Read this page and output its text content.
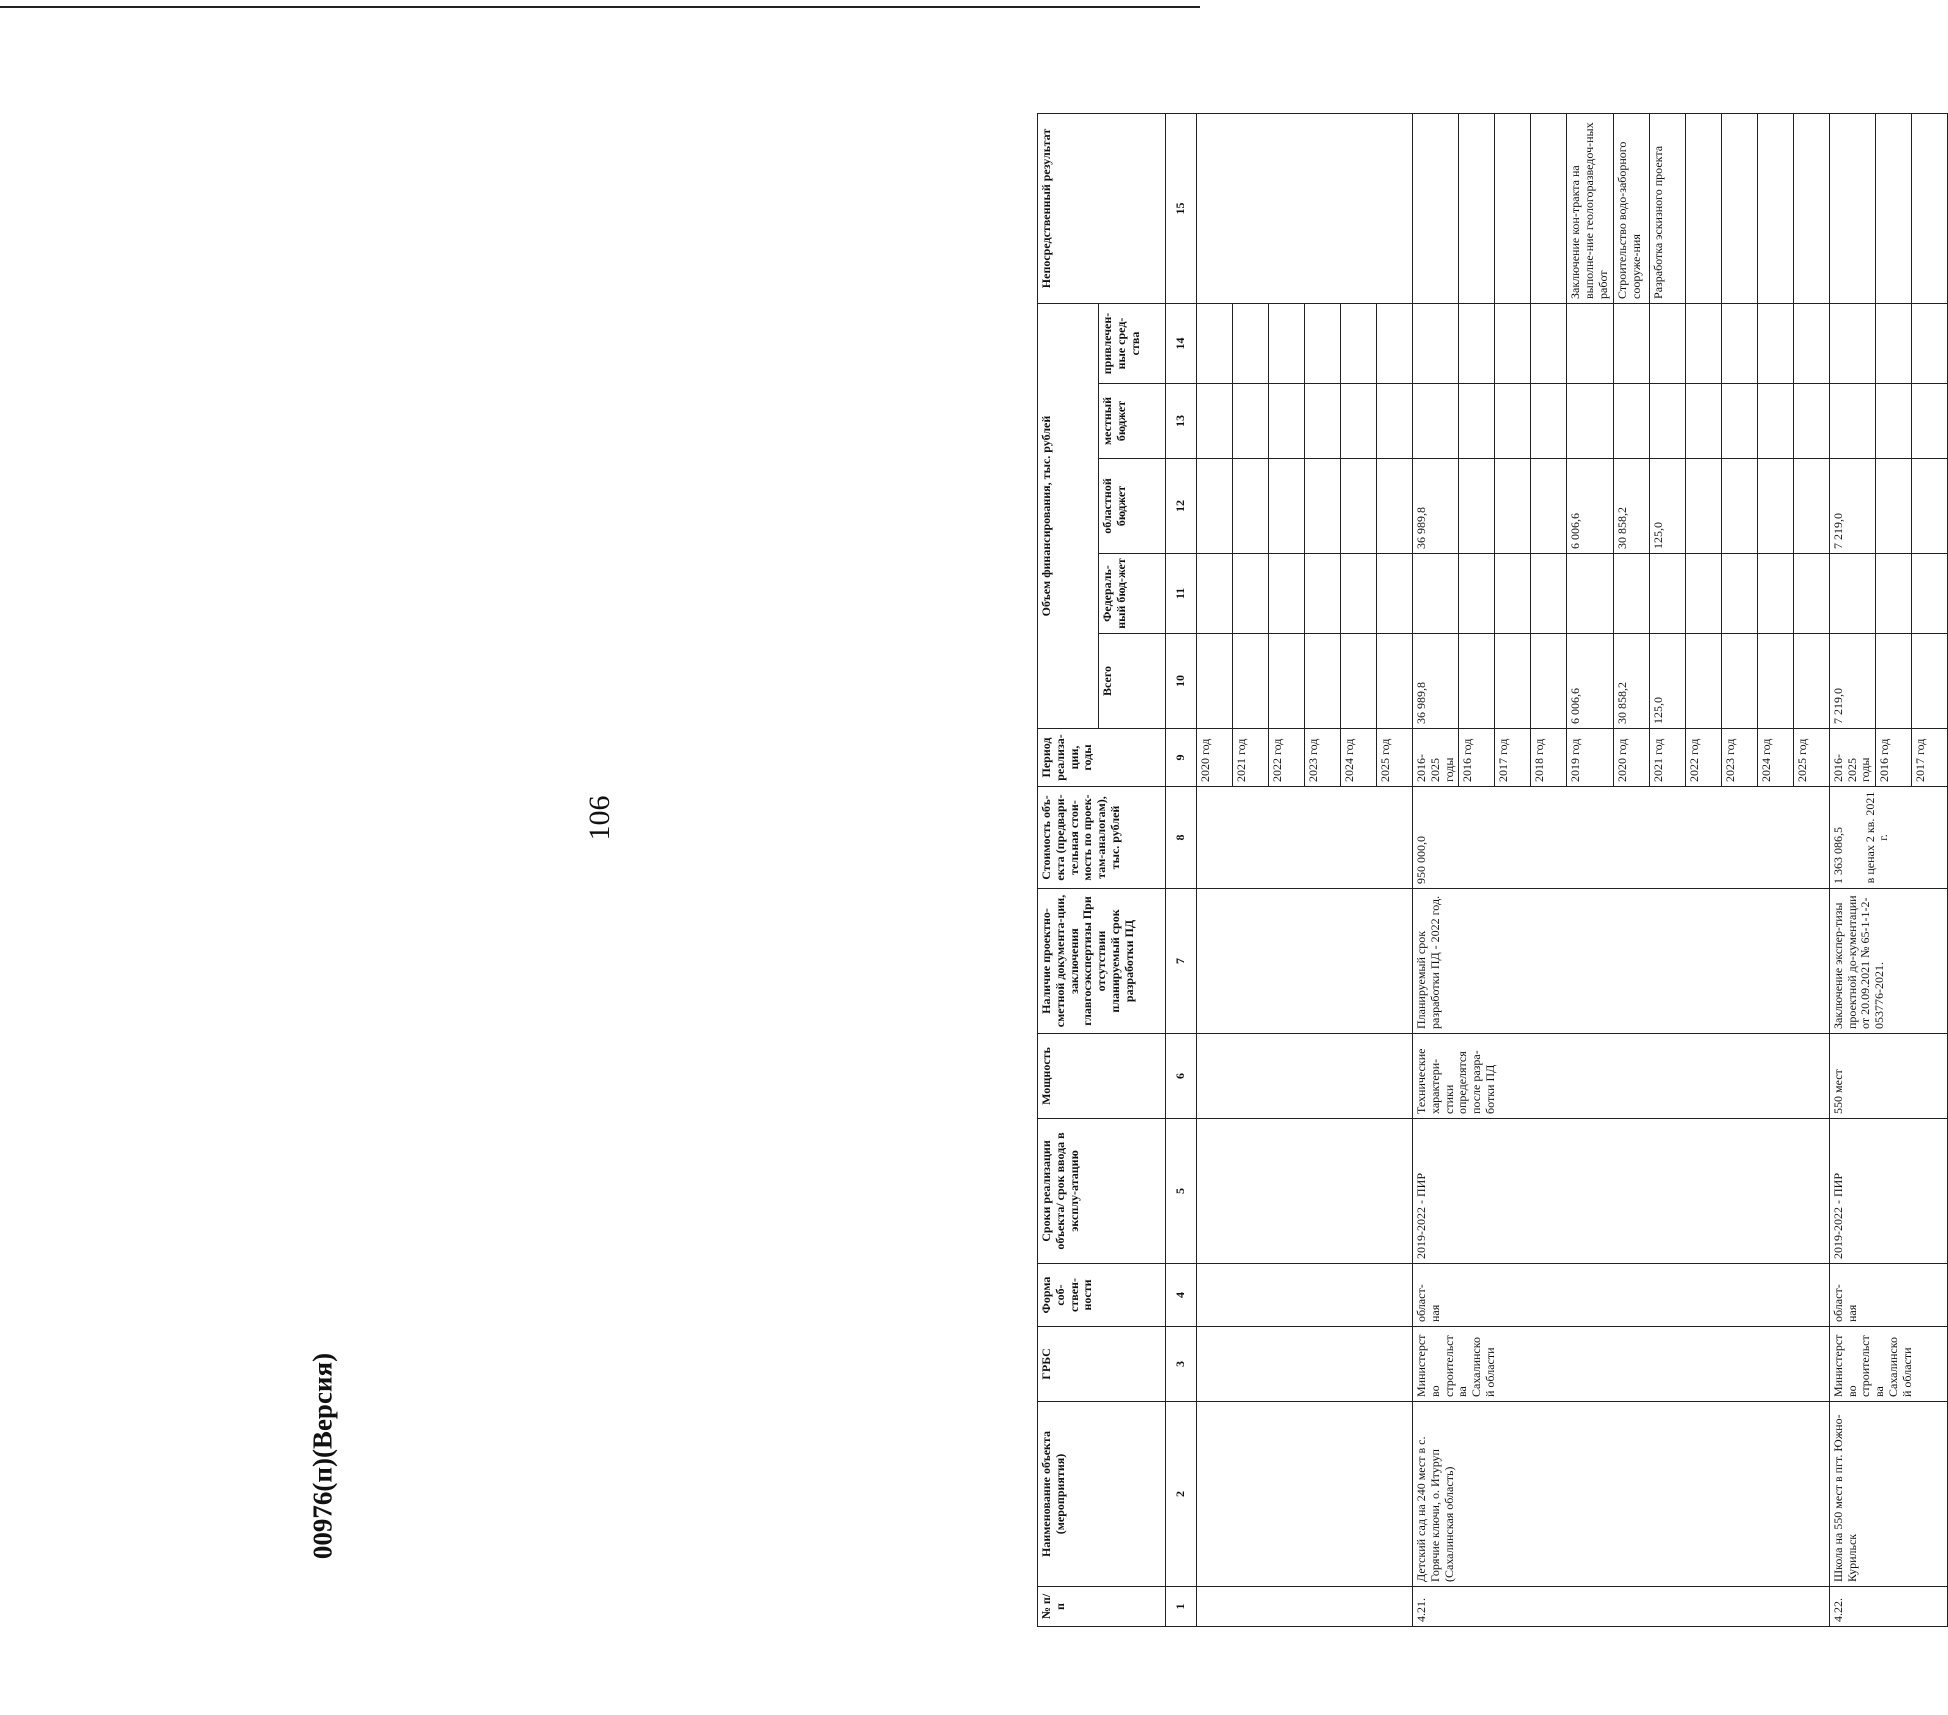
106
№ п/п	Наименование объекта (мероприятия)	ГРБС	Форма соб-ствен-ности	Сроки реализации объекта/ срок ввода в эксплу-атацию	Мощность	Наличие проектно-сметной документа-ции, заключения главгосэкспертизы При отсутствии планируемый срок разработки ПД	Стоимость объ-екта (предвари-тельная стои-мость по проек-там-аналогам), тыс. рублей	Период реализа-ции, годы	Объем финансирования, тыс. рублей					Непосредственный результат
									Всего	Федераль-ный бюд-жет	областной бюджет	местный бюджет	привлечен-ные сред-ства	
1	2	3	4	5	6	7	8	9	10	11	12	13	14	15
								2020 год						
								2021 год						
								2022 год						
								2023 год						
								2024 год						
								2025 год						
4.21.	Детский сад на 240 мест в с. Горячие ключи, о. Итуруп (Сахалинская область)	Министерство строительства Сахалинской области	област-ная	2019-2022 - ПИР	Технические характери-стики определятся после разра-ботки ПД	Планируемый срок разработки ПД - 2022 год.	950 000,0	2016-2025 годы	36 989,8		36 989,8			
								2016 год						
								2017 год						
								2018 год						
								2019 год	6 006,6		6 006,6			Заключение кон-тракта на выполне-ние геологоразведоч-ных работ
								2020 год	30 858,2		30 858,2			Строительство водо-заборного сооруже-ния
								2021 год	125,0		125,0			Разработка эскизного проекта
								2022 год						
								2023 год						
								2024 год						
								2025 год						
4.22.	Школа на 550 мест в пгт. Южно-Курильск	Министерство строительства Сахалинской области	област-ная	2019-2022 - ПИР	550 мест	Заключение экспер-тизы проектной до-кументации от 20.09.2021 № 65-1-1-2-053776-2021.	1 363 086,5 в ценах 2 кв. 2021 г.	2016-2025 годы	7 219,0		7 219,0			
								2016 год						
								2017 год						
00976(п)(Версия)
